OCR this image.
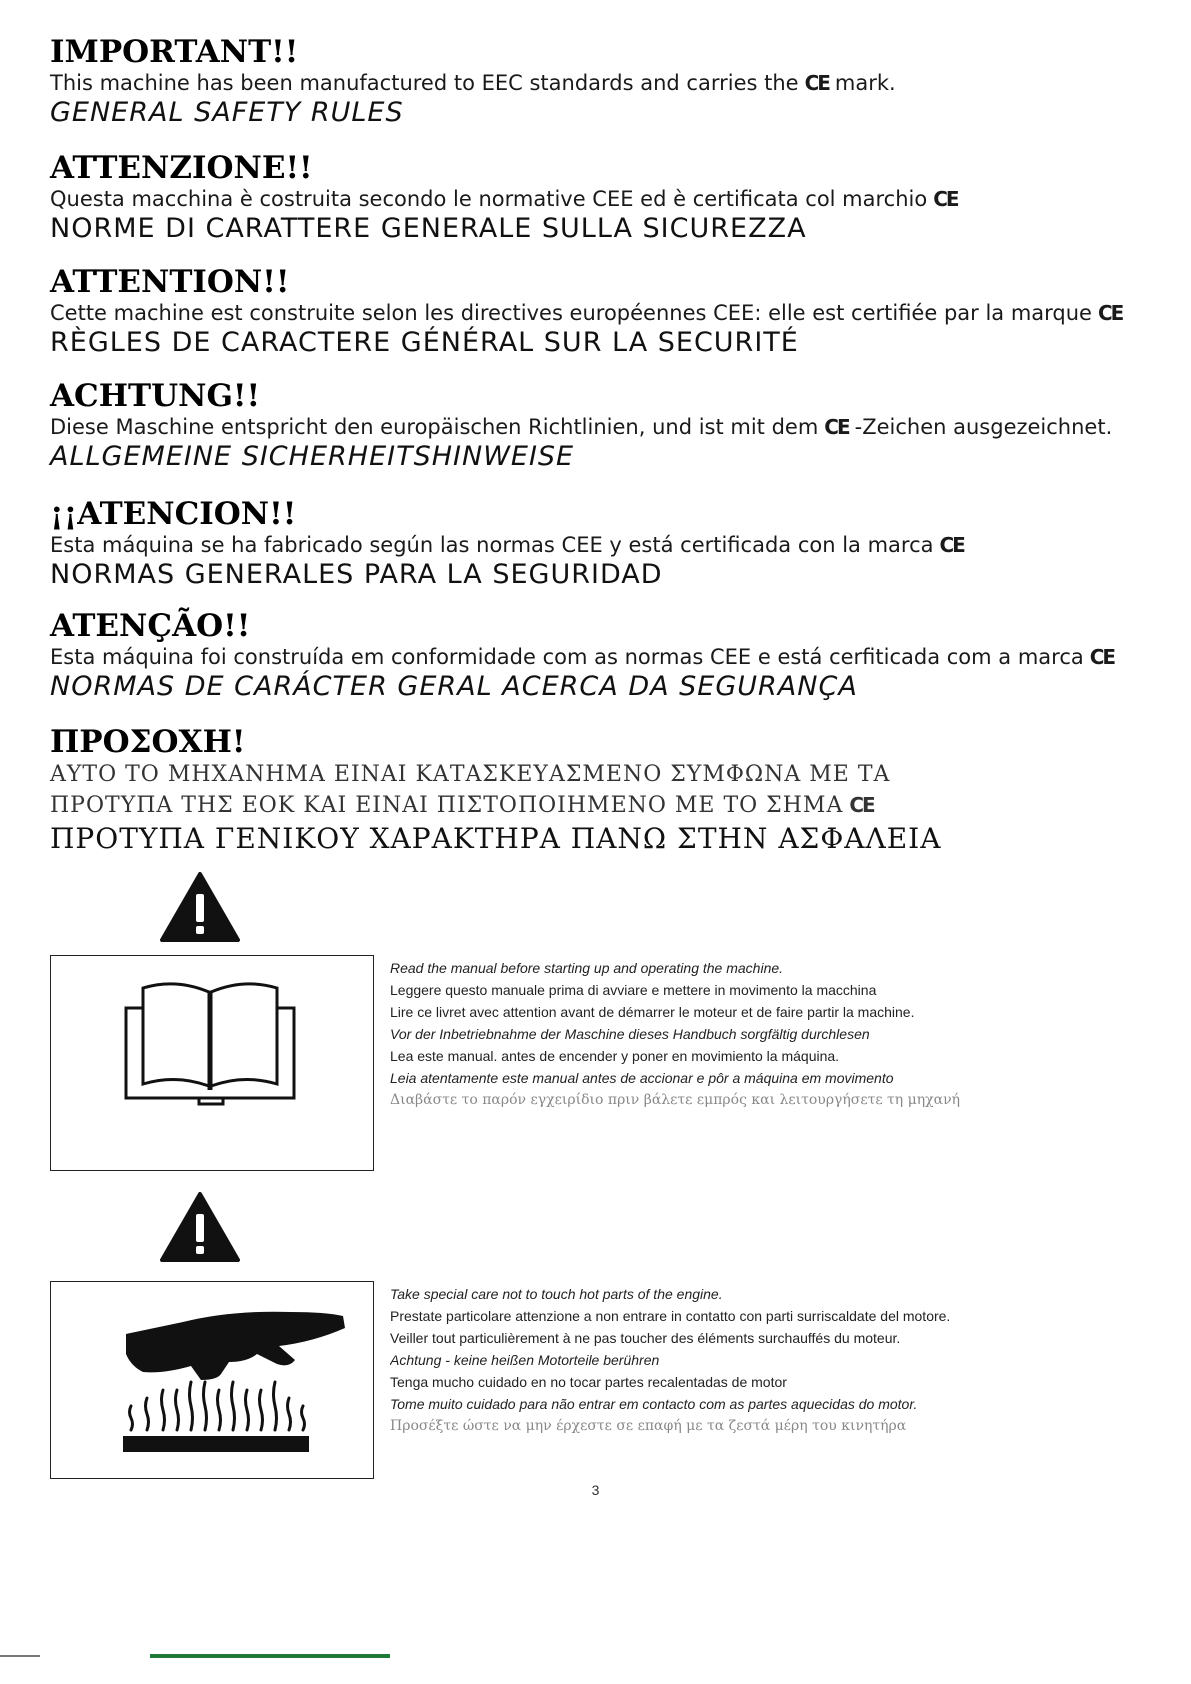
IMPORTANT!!
This machine has been manufactured to EEC standards and carries the CE mark.
GENERAL SAFETY RULES
ATTENZIONE!!
Questa macchina è costruita secondo le normative CEE ed è certificata col marchio CE
NORME DI CARATTERE GENERALE SULLA SICUREZZA
ATTENTION!!
Cette machine est construite selon les directives européennes CEE: elle est certifiée par la marque CE
RÈGLES DE CARACTERE GÉNÉRAL SUR LA SECURITÉ
ACHTUNG!!
Diese Maschine entspricht den europäischen Richtlinien, und ist mit dem CE -Zeichen ausgezeichnet.
ALLGEMEINE SICHERHEITSHINWEISE
¡¡ATENCION!!
Esta máquina se ha fabricado según las normas CEE y está certificada con la marca CE
NORMAS GENERALES PARA LA SEGURIDAD
ATENÇÃO!!
Esta máquina foi construída em conformidade com as normas CEE e está cerfiticada com a marca CE
NORMAS DE CARÁCTER GERAL ACERCA DA SEGURANÇA
ΠΡΟΣΟΧΗ!
ΑΥΤΟ ΤΟ ΜΗΧΑΝΗΜΑ ΕΙΝΑΙ ΚΑΤΑΣΚΕΥΑΣΜΕΝΟ ΣΥΜΦΩΝΑ ΜΕ ΤΑ
ΠΡΟΤΥΠΑ ΤΗΣ ΕΟΚ ΚΑΙ ΕΙΝΑΙ ΠΙΣΤΟΠΟΙΗΜΕΝΟ ΜΕ ΤΟ ΣΗΜΑ CE
ΠΡΟΤΥΠΑ ΓΕΝΙΚΟΥ ΧΑΡΑΚΤΗΡΑ ΠΑΝΩ ΣΤΗΝ ΑΣΦΑΛΕΙΑ
Read the manual before starting up and operating the machine.
Leggere questo manuale prima di avviare e mettere in movimento la macchina
Lire ce livret avec attention avant de démarrer le moteur et de faire partir la machine.
Vor der Inbetriebnahme der Maschine dieses Handbuch sorgfältig durchlesen
Lea este manual. antes de encender y poner en movimiento la máquina.
Leia atentamente este manual antes de accionar e pôr a máquina em movimento
Διαβάστε το παρόν εγχειρίδιο πριν βάλετε εμπρός και λειτουργήσετε τη μηχανή
Take special care not to touch hot parts of the engine.
Prestate particolare attenzione a non entrare in contatto con parti surriscaldate del motore.
Veiller tout particulièrement à ne pas toucher des éléments surchauffés du moteur.
Achtung - keine heißen Motorteile berühren
Tenga mucho cuidado en no tocar partes recalentadas de motor
Tome muito cuidado para não entrar em contacto com as partes aquecidas do motor.
Προσέξτε ώστε να μην έρχεστε σε επαφή με τα ζεστά μέρη του κινητήρα
3
